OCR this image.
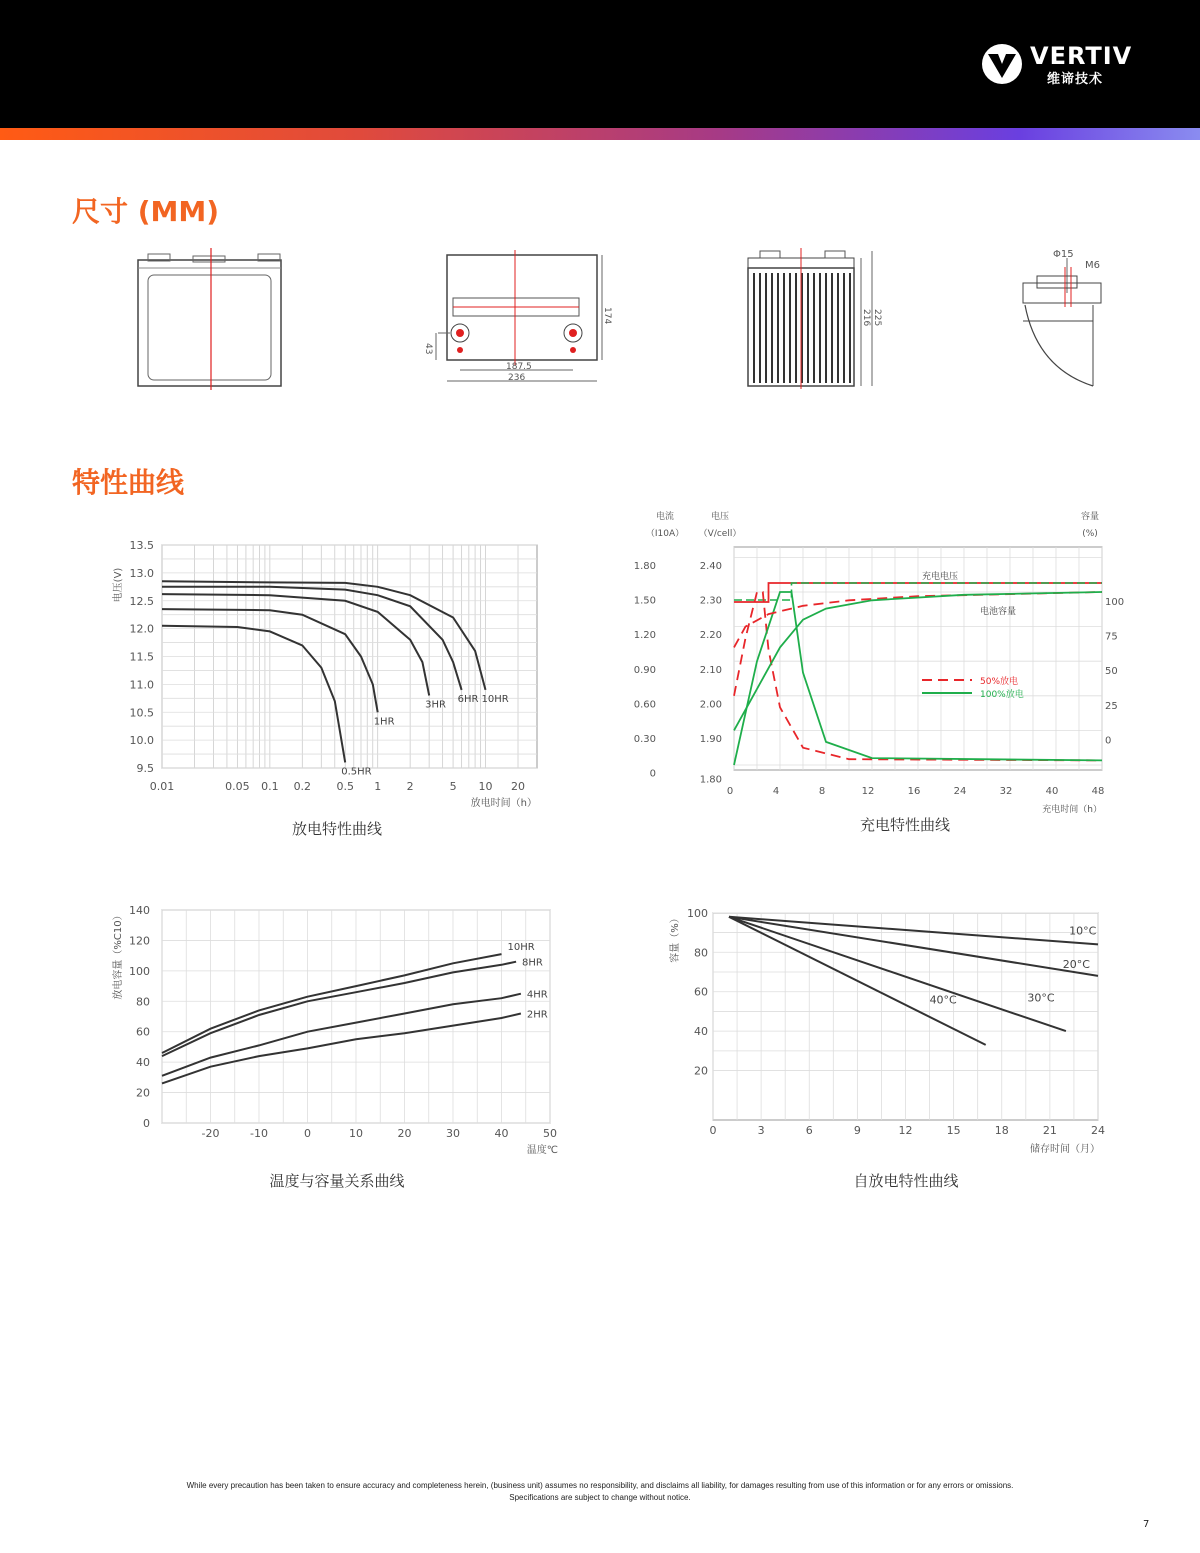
VERTIV
维谛技术
尺寸 (MM)
174
43
187.5
236
216 225
Φ15
M6
特性曲线
13.5
13.0
12.5
12.0
11.5
11.0
10.5
10.0
9.5
0.01	0.05 0.1 0.2 0.5 1 2	5 10 20
电压(V)
放电时间（h）
0.5HR
1HR
3HR
6HR 10HR
放电特性曲线
电流
（I10A）
电压
（V/cell）
容量
(%)
1.80
1.50
1.20
0.90
0.60
0.30
0
2.40
2.30
2.20
2.10
2.00
1.90
1.80
100
75
50
25
0
0	4	8	12	16	24	32	40	48
充电时间（h）
充电电压
电池容量
50%放电
100%放电
充电特性曲线
140
120
100
80
60
40
20
0
-20	-10	0	10	20	30	40	50
放电容量（%C10）
温度℃
10HR
8HR
4HR
2HR
温度与容量关系曲线
100
80
60
40
20
0	3	6	9	12	15	18	21	24
容量（%）
储存时间（月）
10°C
20°C
30°C
40°C
自放电特性曲线
While every precaution has been taken to ensure accuracy and completeness herein, (business unit) assumes no responsibility, and disclaims all liability, for damages resulting from use of this information or for any errors or omissions.
Specifications are subject to change without notice.
7
